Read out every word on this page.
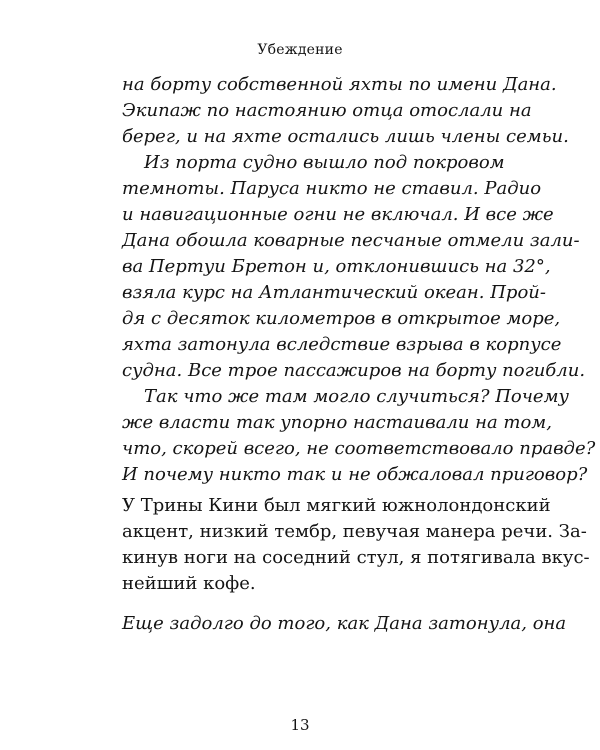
Убеждение
на борту собственной яхты по имени Дана.
Экипаж по настоянию отца отослали на
берег, и на яхте остались лишь члены семьи.
Из порта судно вышло под покровом
темноты. Паруса никто не ставил. Радио
и навигационные огни не включал. И все же
Дана обошла коварные песчаные отмели зали-
ва Пертуи Бретон и, отклонившись на 32°,
взяла курс на Атлантический океан. Прой-
дя с десяток километров в открытое море,
яхта затонула вследствие взрыва в корпусе
судна. Все трое пассажиров на борту погибли.
Так что же там могло случиться? Почему
же власти так упорно настаивали на том,
что, скорей всего, не соответствовало правде?
И почему никто так и не обжаловал приговор?
У Трины Кини был мягкий южнолондонский
акцент, низкий тембр, певучая манера речи. За-
кинув ноги на соседний стул, я потягивала вкус-
нейший кофе.
Еще задолго до того, как Дана затонула, она
13
